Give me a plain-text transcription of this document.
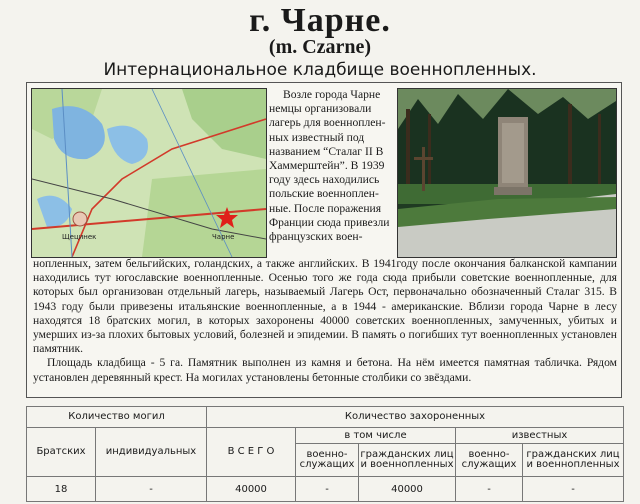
г. Чарне.
(m. Czarne)
Интернациональное кладбище военнопленных.
Щецинек	Чарне
Возле города Чарне
немцы организовали
лагерь для военноплен-
ных известный под
названием “Сталаг II В
Хаммерштейн”. В 1939
году здесь находились
польские военноплен-
ные. После поражения
Франции сюда привезли
французских воен-

нопленных, затем бельгийских, голандских, а также английских. В 1941году после окончания балканской кампании находились тут югославские военнопленные. Осенью того же года сюда прибыли советские военнопленные, для которых был организован отдельный лагерь, называемый Лагерь Ост, первоначально обозначенный Сталаг 315. В 1943 году были привезены итальянские военнопленные, а в 1944 - американские. Вблизи города Чарне в лесу находятся 18 братских могил, в которых захоронены 40000 советских военнопленных, замученных, убитых и умерших из-за плохих бытовых условий, болезней и эпидемии. В память о погибших тут военнопленных установлен памятник.

Площадь кладбища - 5 га. Памятник выполнен из камня и бетона. На нём имеется памятная табличка. Рядом установлен деревянный крест. На могилах установлены бетонные столбики со звёздами.

Количество могил		Количество захороненных				
Братских	индивидуальных	В С Е Г О	в том числе		известных	
			военно-служащих	гражданских лиц и военнопленных	военно-служащих	гражданских лиц и военнопленных
18	-	40000	-	40000	-	-
